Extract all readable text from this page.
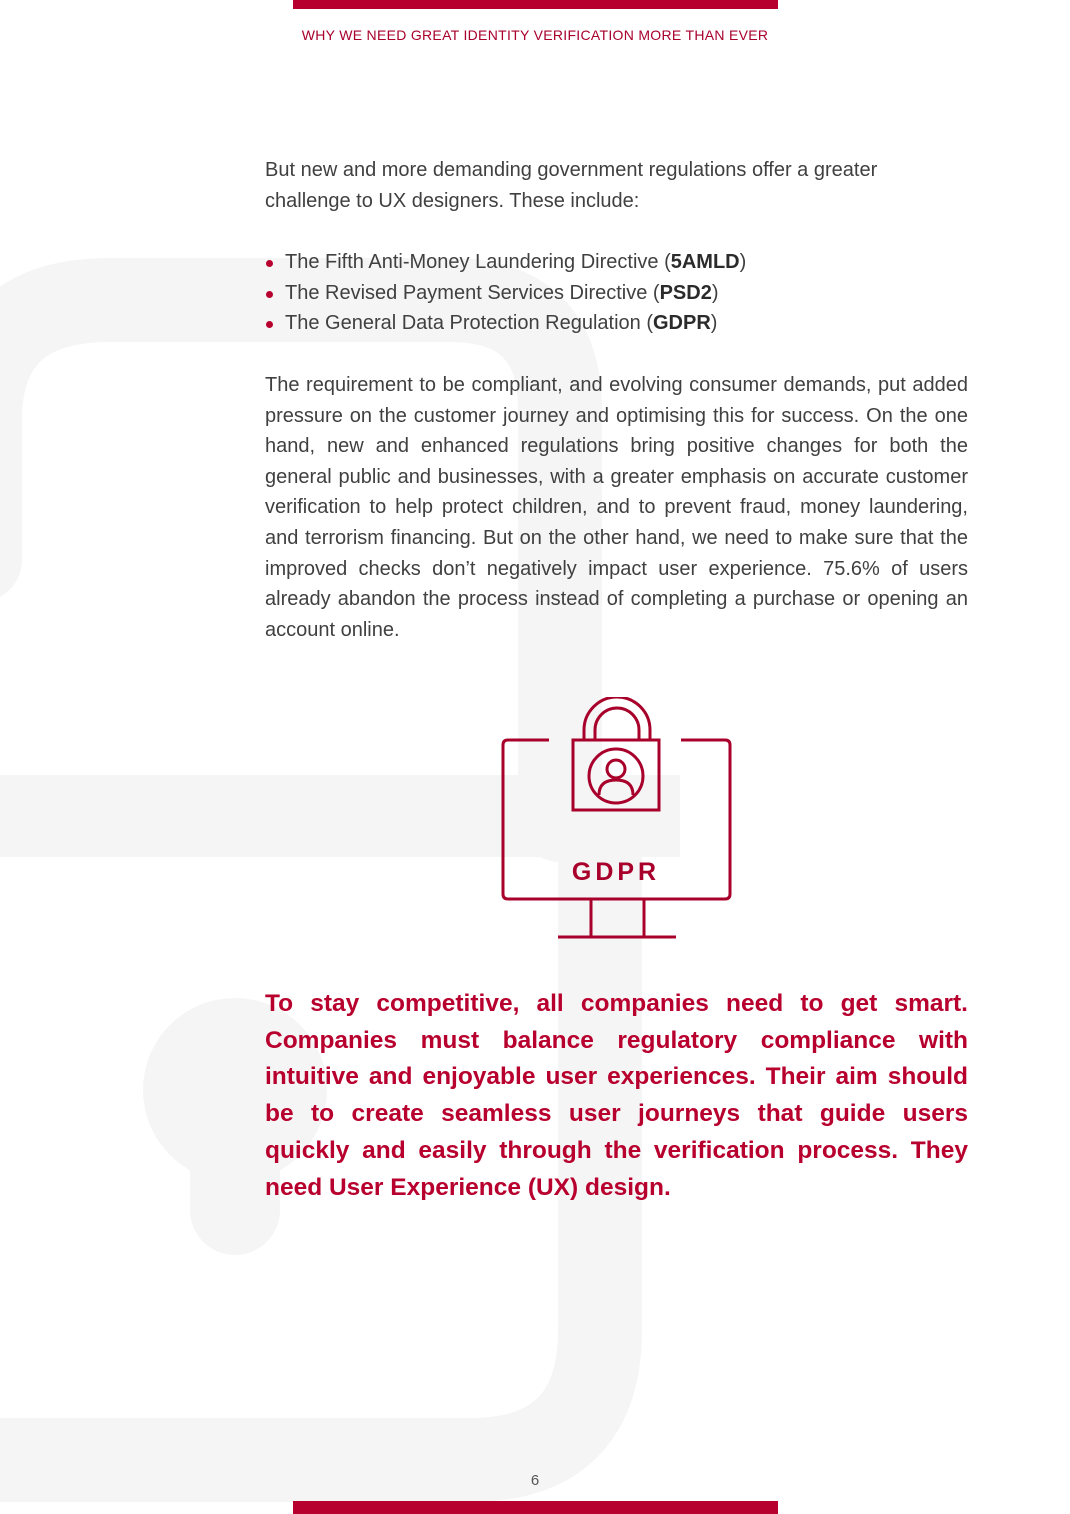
WHY WE NEED GREAT IDENTITY VERIFICATION MORE THAN EVER

But new and more demanding government regulations offer a greater challenge to UX designers. These include:

The Fifth Anti-Money Laundering Directive (5AMLD)
The Revised Payment Services Directive (PSD2)
The General Data Protection Regulation (GDPR)

The requirement to be compliant, and evolving consumer demands, put added pressure on the customer journey and optimising this for success. On the one hand, new and enhanced regulations bring positive changes for both the general public and businesses, with a greater emphasis on accurate customer verification to help protect children, and to prevent fraud, money laundering, and terrorism financing. But on the other hand, we need to make sure that the improved checks don’t negatively impact user experience. 75.6% of users already abandon the process instead of completing a purchase or opening an account online.

GDPR

To stay competitive, all companies need to get smart. Companies must balance regulatory compliance with intuitive and enjoyable user experiences. Their aim should be to create seamless user journeys that guide users quickly and easily through the verification process. They need User Experience (UX) design.

6
